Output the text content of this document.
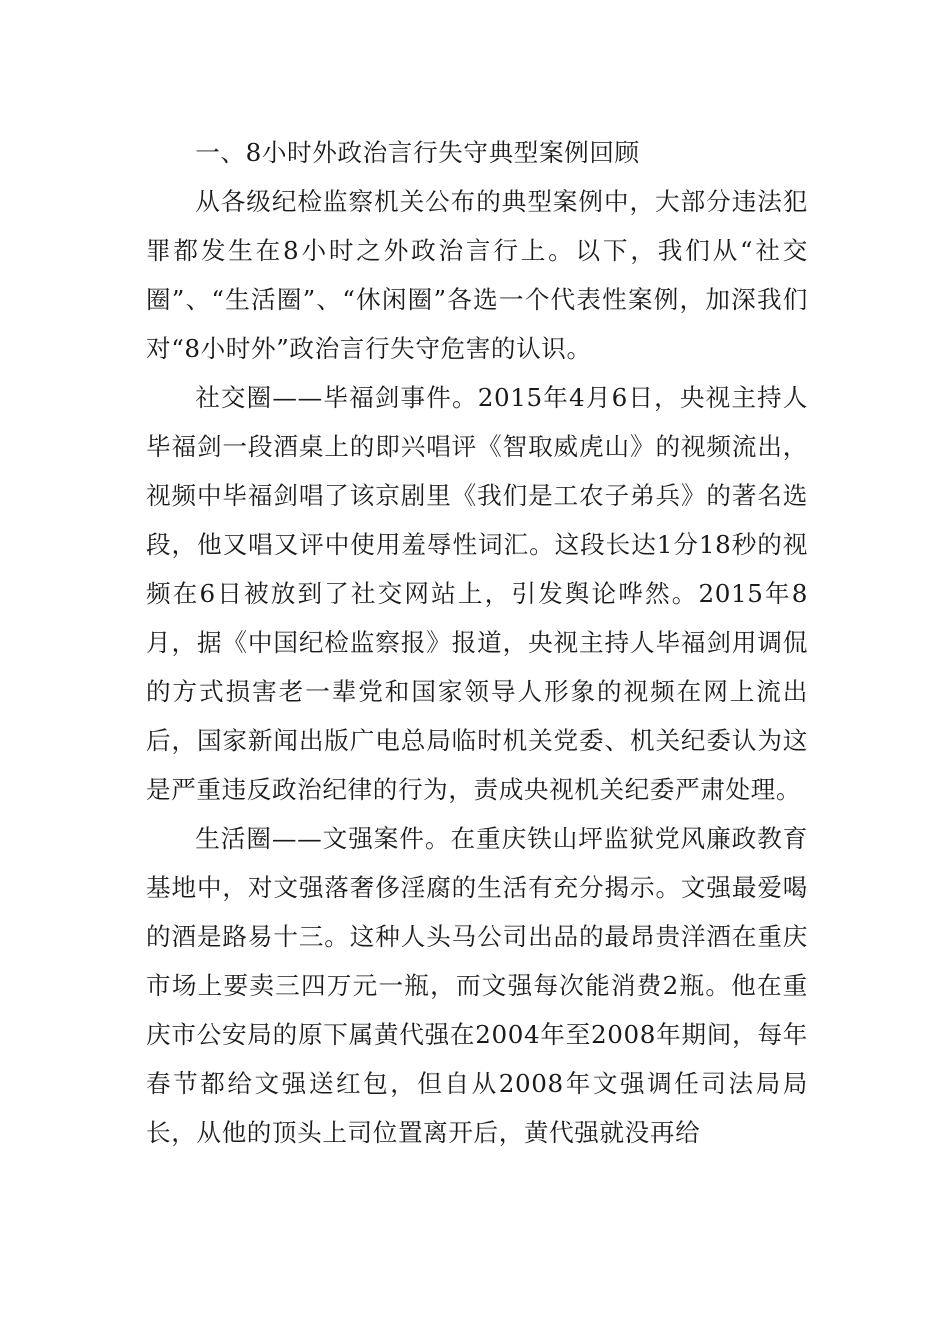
一、8小时外政治言行失守典型案例回顾

从各级纪检监察机关公布的典型案例中，大部分违法犯罪都发生在8小时之外政治言行上。以下，我们从“社交圈”、“生活圈”、“休闲圈”各选一个代表性案例，加深我们对“8小时外”政治言行失守危害的认识。

社交圈——毕福剑事件。2015年4月6日，央视主持人毕福剑一段酒桌上的即兴唱评《智取威虎山》的视频流出，视频中毕福剑唱了该京剧里《我们是工农子弟兵》的著名选段，他又唱又评中使用羞辱性词汇。这段长达1分18秒的视频在6日被放到了社交网站上，引发舆论哗然。2015年8月，据《中国纪检监察报》报道，央视主持人毕福剑用调侃的方式损害老一辈党和国家领导人形象的视频在网上流出后，国家新闻出版广电总局临时机关党委、机关纪委认为这是严重违反政治纪律的行为，责成央视机关纪委严肃处理。

生活圈——文强案件。在重庆铁山坪监狱党风廉政教育基地中，对文强落奢侈淫腐的生活有充分揭示。文强最爱喝的酒是路易十三。这种人头马公司出品的最昂贵洋酒在重庆市场上要卖三四万元一瓶，而文强每次能消费2瓶。他在重庆市公安局的原下属黄代强在2004年至2008年期间，每年春节都给文强送红包，但自从2008年文强调任司法局局长，从他的顶头上司位置离开后，黄代强就没再给
